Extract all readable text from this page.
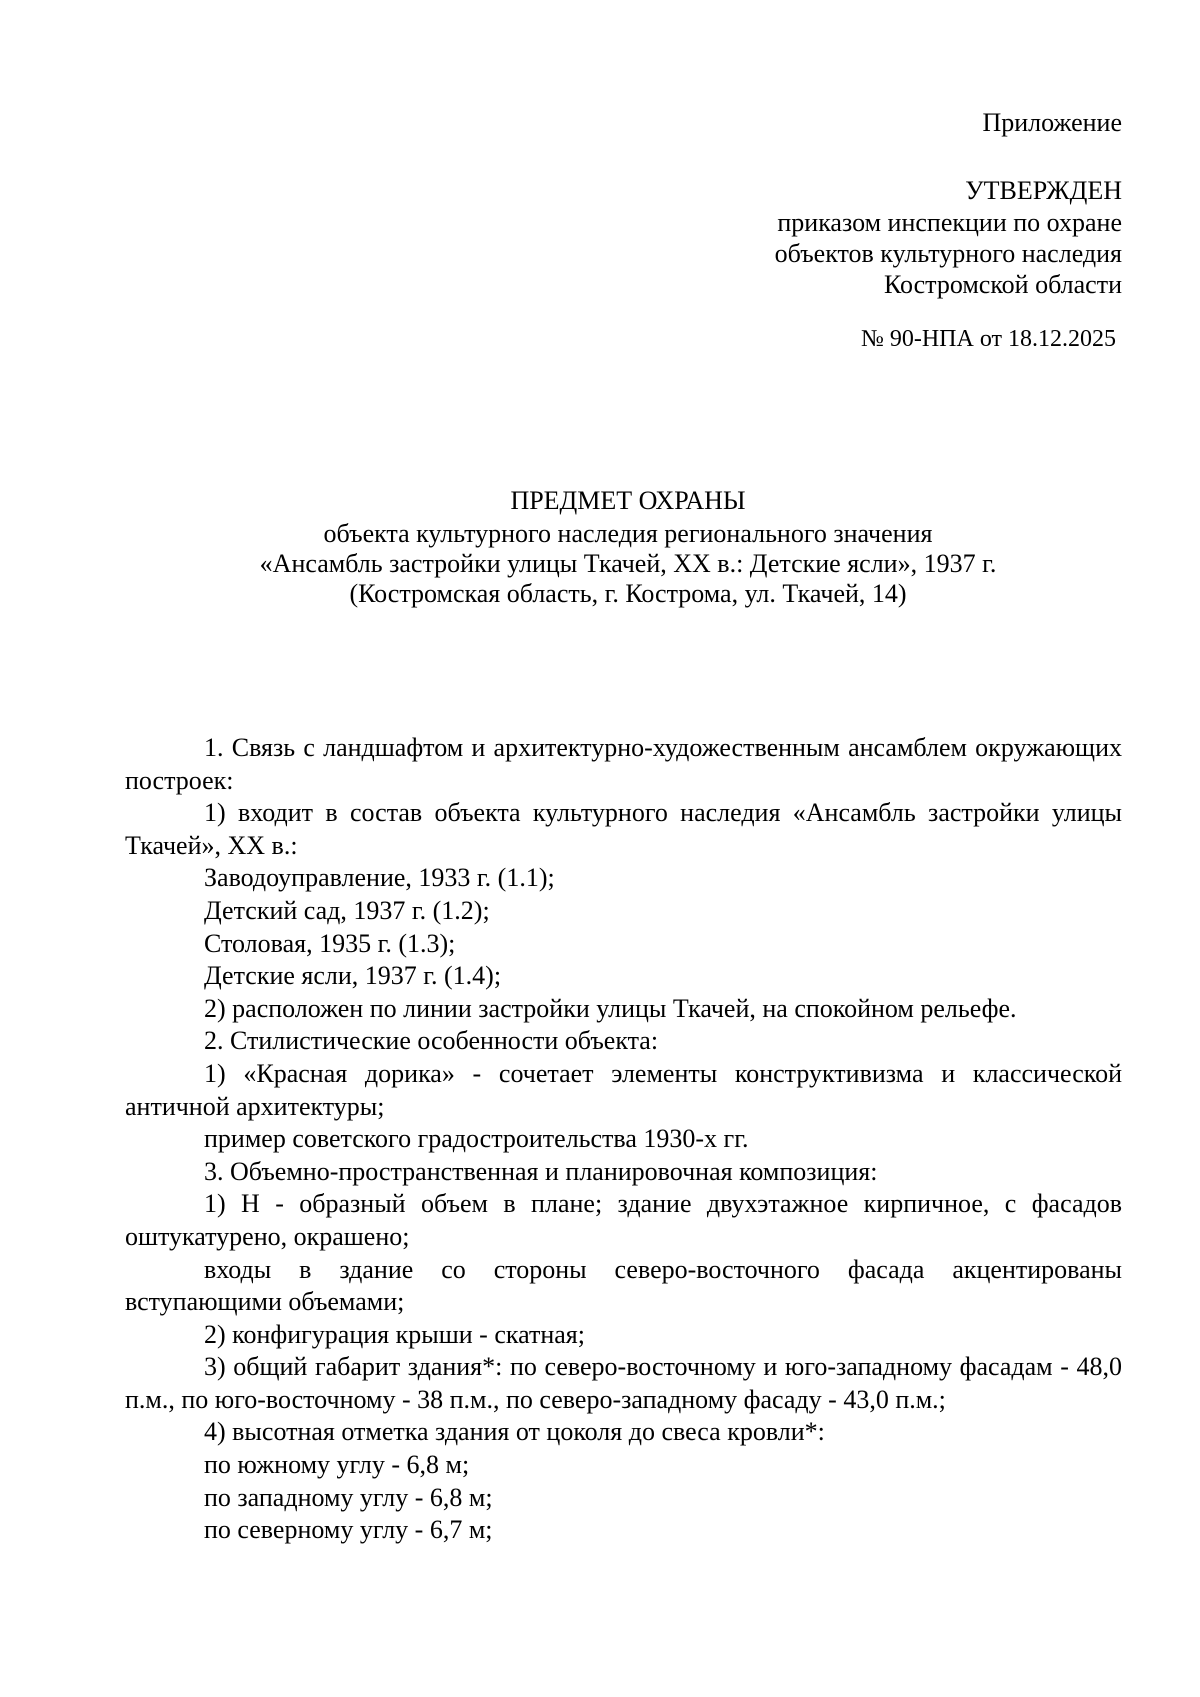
Приложение
УТВЕРЖДЕН
приказом инспекции по охране
объектов культурного наследия
Костромской области
№ 90-НПА от 18.12.2025
ПРЕДМЕТ ОХРАНЫ
объекта культурного наследия регионального значения
«Ансамбль застройки улицы Ткачей, XX в.: Детские ясли», 1937 г.
(Костромская область, г. Кострома, ул. Ткачей, 14)

1. Связь с ландшафтом и архитектурно-художественным ансамблем окружающих построек:

1) входит в состав объекта культурного наследия «Ансамбль застройки улицы Ткачей», XX в.:

Заводоуправление, 1933 г. (1.1);

Детский сад, 1937 г. (1.2);

Столовая, 1935 г. (1.3);

Детские ясли, 1937 г. (1.4);

2) расположен по линии застройки улицы Ткачей, на спокойном рельефе.

2. Стилистические особенности объекта:

1) «Красная дорика» - сочетает элементы конструктивизма и классической античной архитектуры;

пример советского градостроительства 1930-х гг.

3. Объемно-пространственная и планировочная композиция:

1) Н - образный объем в плане; здание двухэтажное кирпичное, с фасадов оштукатурено, окрашено;

входы в здание со стороны северо-восточного фасада акцентированы вступающими объемами;

2) конфигурация крыши - скатная;

3) общий габарит здания*: по северо-восточному и юго-западному фасадам - 48,0 п.м., по юго-восточному - 38 п.м., по северо-западному фасаду - 43,0 п.м.;

4) высотная отметка здания от цоколя до свеса кровли*:

по южному углу - 6,8 м;

по западному углу - 6,8 м;

по северному углу - 6,7 м;
